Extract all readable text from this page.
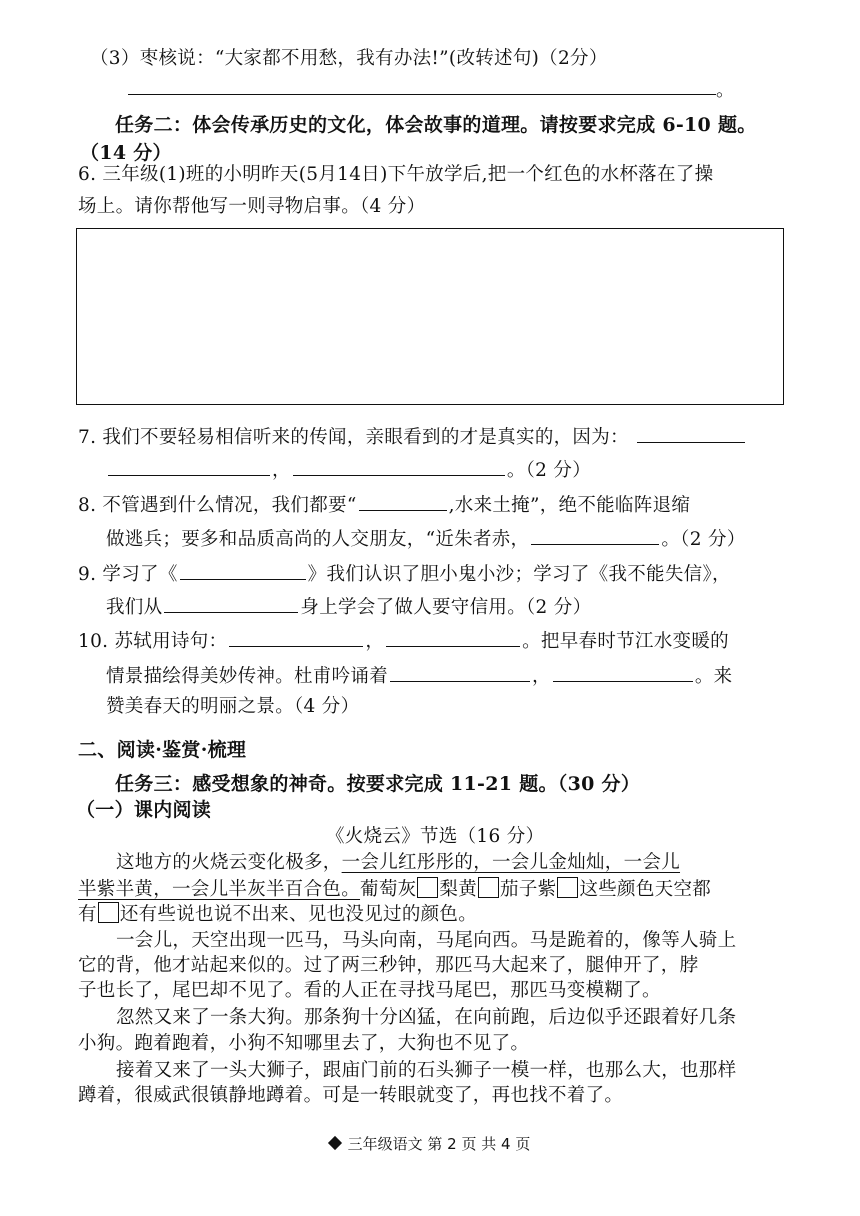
（3）枣核说：“大家都不用愁，我有办法!”(改转述句)（2分）
。
任务二：体会传承历史的文化，体会故事的道理。请按要求完成 6-10 题。
（14 分）
6. 三年级(1)班的小明昨天(5月14日)下午放学后,把一个红色的水杯落在了操
场上。请你帮他写一则寻物启事。（4 分）
7. 我们不要轻易相信听来的传闻，亲眼看到的才是真实的，因为：
，	。（2 分）
8. 不管遇到什么情况，我们都要“	,水来土掩”，绝不能临阵退缩
做逃兵；要多和品质高尚的人交朋友，“近朱者赤，	。（2 分）
9. 学习了《	》我们认识了胆小鬼小沙；学习了《我不能失信》，
我们从	身上学会了做人要守信用。（2 分）
10. 苏轼用诗句：	，	。把早春时节江水变暖的
情景描绘得美妙传神。杜甫吟诵着	，	。来
赞美春天的明丽之景。（4 分）
二、阅读·鉴赏·梳理
任务三：感受想象的神奇。按要求完成 11-21 题。（30 分）
（一）课内阅读
《火烧云》节选（16 分）
这地方的火烧云变化极多，一会儿红彤彤的，一会儿金灿灿，一会儿
半紫半黄，一会儿半灰半百合色。葡萄灰 梨黄 茄子紫 这些颜色天空都
有 还有些说也说不出来、见也没见过的颜色。
一会儿，天空出现一匹马，马头向南，马尾向西。马是跪着的，像等人骑上
它的背，他才站起来似的。过了两三秒钟，那匹马大起来了，腿伸开了，脖
子也长了，尾巴却不见了。看的人正在寻找马尾巴，那匹马变模糊了。
忽然又来了一条大狗。那条狗十分凶猛，在向前跑，后边似乎还跟着好几条
小狗。跑着跑着，小狗不知哪里去了，大狗也不见了。
接着又来了一头大狮子，跟庙门前的石头狮子一模一样，也那么大，也那样
蹲着，很威武很镇静地蹲着。可是一转眼就变了，再也找不着了。
三年级语文 第 2 页 共 4 页
